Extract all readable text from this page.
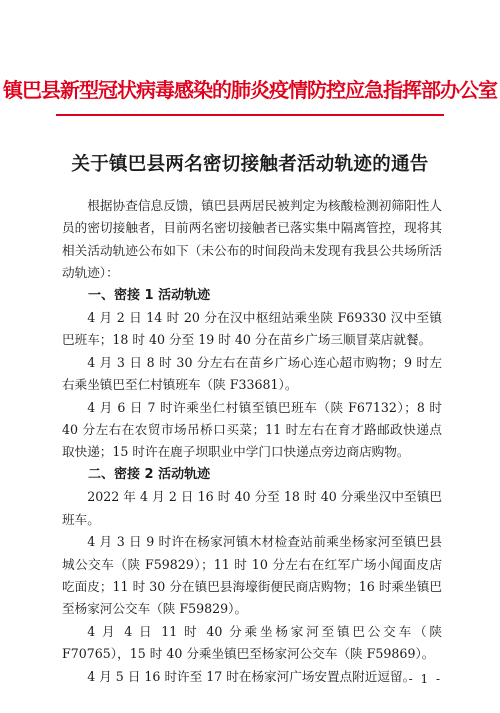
镇巴县新型冠状病毒感染的肺炎疫情防控应急指挥部办公室
关于镇巴县两名密切接触者活动轨迹的通告

根据协查信息反馈，镇巴县两居民被判定为核酸检测初筛阳性人员的密切接触者，目前两名密切接触者已落实集中隔离管控，现将其相关活动轨迹公布如下（未公布的时间段尚未发现有我县公共场所活动轨迹）：

一、密接 1 活动轨迹

4 月 2 日 14 时 20 分在汉中枢纽站乘坐陕 F69330 汉中至镇巴班车；18 时 40 分至 19 时 40 分在苗乡广场三顺冒菜店就餐。

4 月 3 日 8 时 30 分左右在苗乡广场心连心超市购物；9 时左右乘坐镇巴至仁村镇班车（陕 F33681）。

4 月 6 日 7 时许乘坐仁村镇至镇巴班车（陕 F67132）；8 时 40 分左右在农贸市场吊桥口买菜；11 时左右在育才路邮政快递点取快递；15 时许在鹿子坝职业中学门口快递点旁边商店购物。

二、密接 2 活动轨迹

2022 年 4 月 2 日 16 时 40 分至 18 时 40 分乘坐汉中至镇巴班车。

4 月 3 日 9 时许在杨家河镇木材检查站前乘坐杨家河至镇巴县城公交车（陕 F59829）；11 时 10 分左右在红军广场小闻面皮店吃面皮；11 时 30 分在镇巴县海壕街便民商店购物；16 时乘坐镇巴至杨家河公交车（陕 F59829）。

4 月 4 日 11 时 40 分乘坐杨家河至镇巴公交车（陕 F70765），15 时 40 分乘坐镇巴至杨家河公交车（陕 F59869）。

4 月 5 日 16 时许至 17 时在杨家河广场安置点附近逗留。

- 1 -
